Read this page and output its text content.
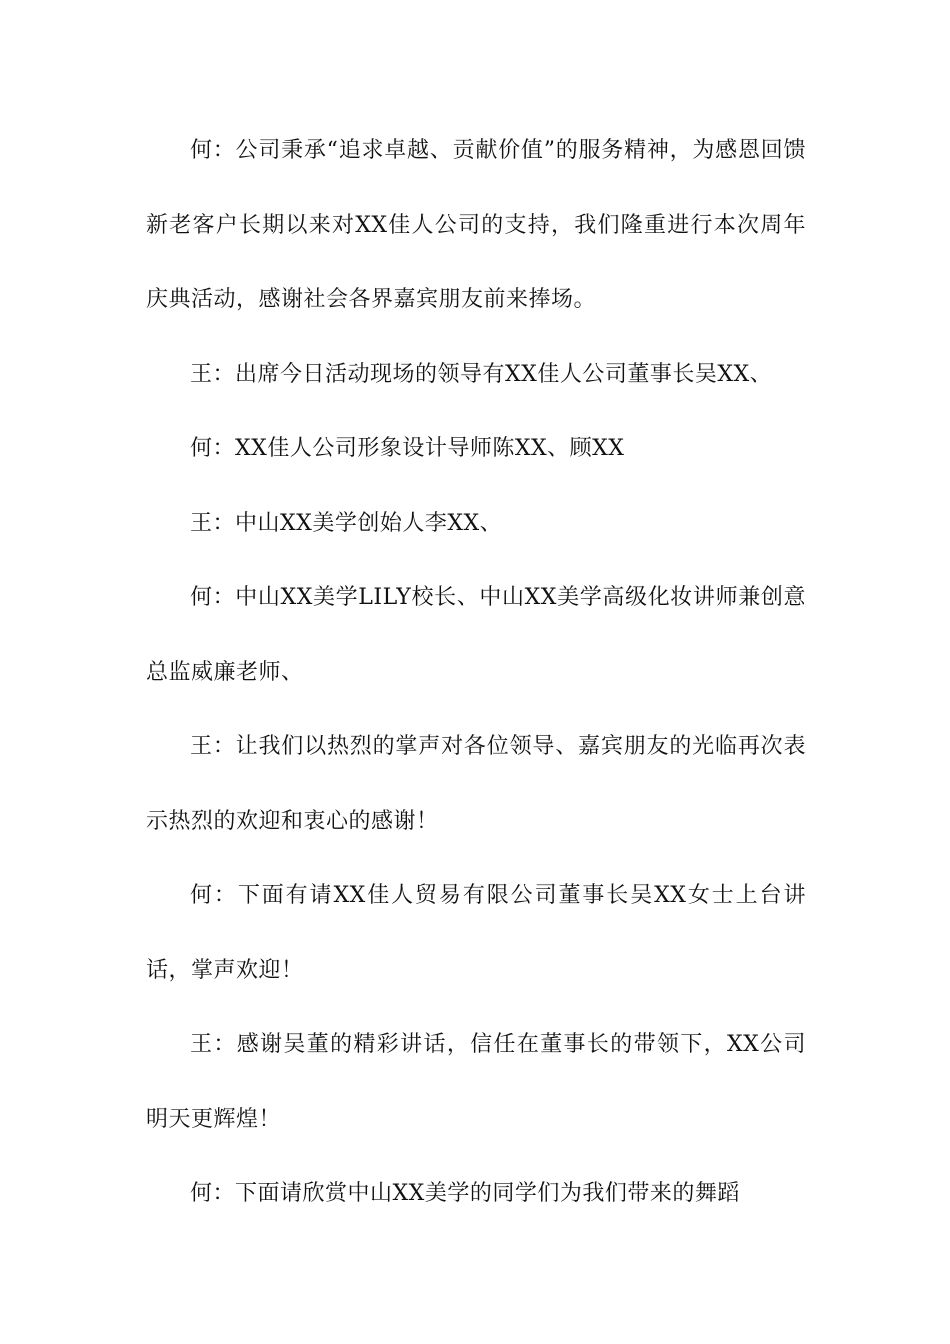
何：公司秉承“追求卓越、贡献价值”的服务精神，为感恩回馈新老客户长期以来对XX佳人公司的支持，我们隆重进行本次周年庆典活动，感谢社会各界嘉宾朋友前来捧场。

王：出席今日活动现场的领导有XX佳人公司董事长吴XX、

何：XX佳人公司形象设计导师陈XX、顾XX

王：中山XX美学创始人李XX、

何：中山XX美学LILY校长、中山XX美学高级化妆讲师兼创意总监威廉老师、

王：让我们以热烈的掌声对各位领导、嘉宾朋友的光临再次表示热烈的欢迎和衷心的感谢！

何：下面有请XX佳人贸易有限公司董事长吴XX女士上台讲话，掌声欢迎！

王：感谢吴董的精彩讲话，信任在董事长的带领下，XX公司明天更辉煌！

何：下面请欣赏中山XX美学的同学们为我们带来的舞蹈
